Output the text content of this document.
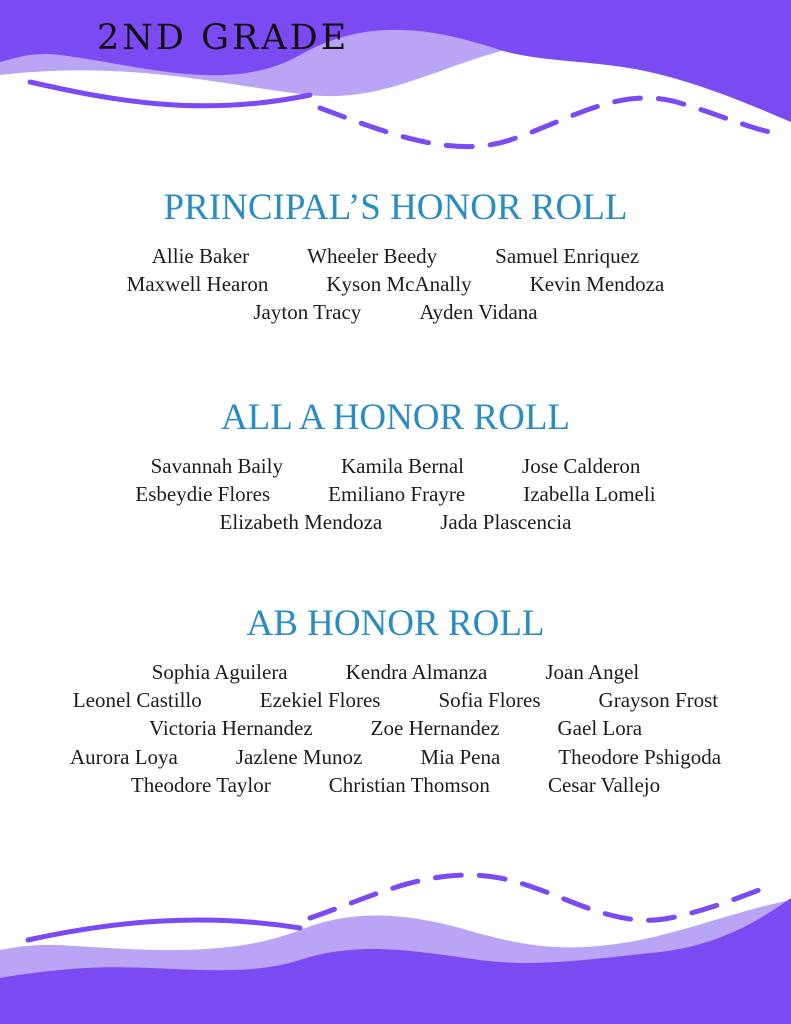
2ND GRADE
PRINCIPAL’S HONOR ROLL
Allie Baker	Wheeler Beedy	Samuel Enriquez
Maxwell Hearon	Kyson McAnally	Kevin Mendoza
Jayton Tracy	Ayden Vidana
ALL A HONOR ROLL
Savannah Baily	Kamila Bernal	Jose Calderon
Esbeydie Flores	Emiliano Frayre	Izabella Lomeli
Elizabeth Mendoza	Jada Plascencia
AB HONOR ROLL
Sophia Aguilera	Kendra Almanza	Joan Angel
Leonel Castillo	Ezekiel Flores	Sofia Flores	Grayson Frost
Victoria Hernandez	Zoe Hernandez	Gael Lora
Aurora Loya	Jazlene Munoz	Mia Pena	Theodore Pshigoda
Theodore Taylor	Christian Thomson	Cesar Vallejo
